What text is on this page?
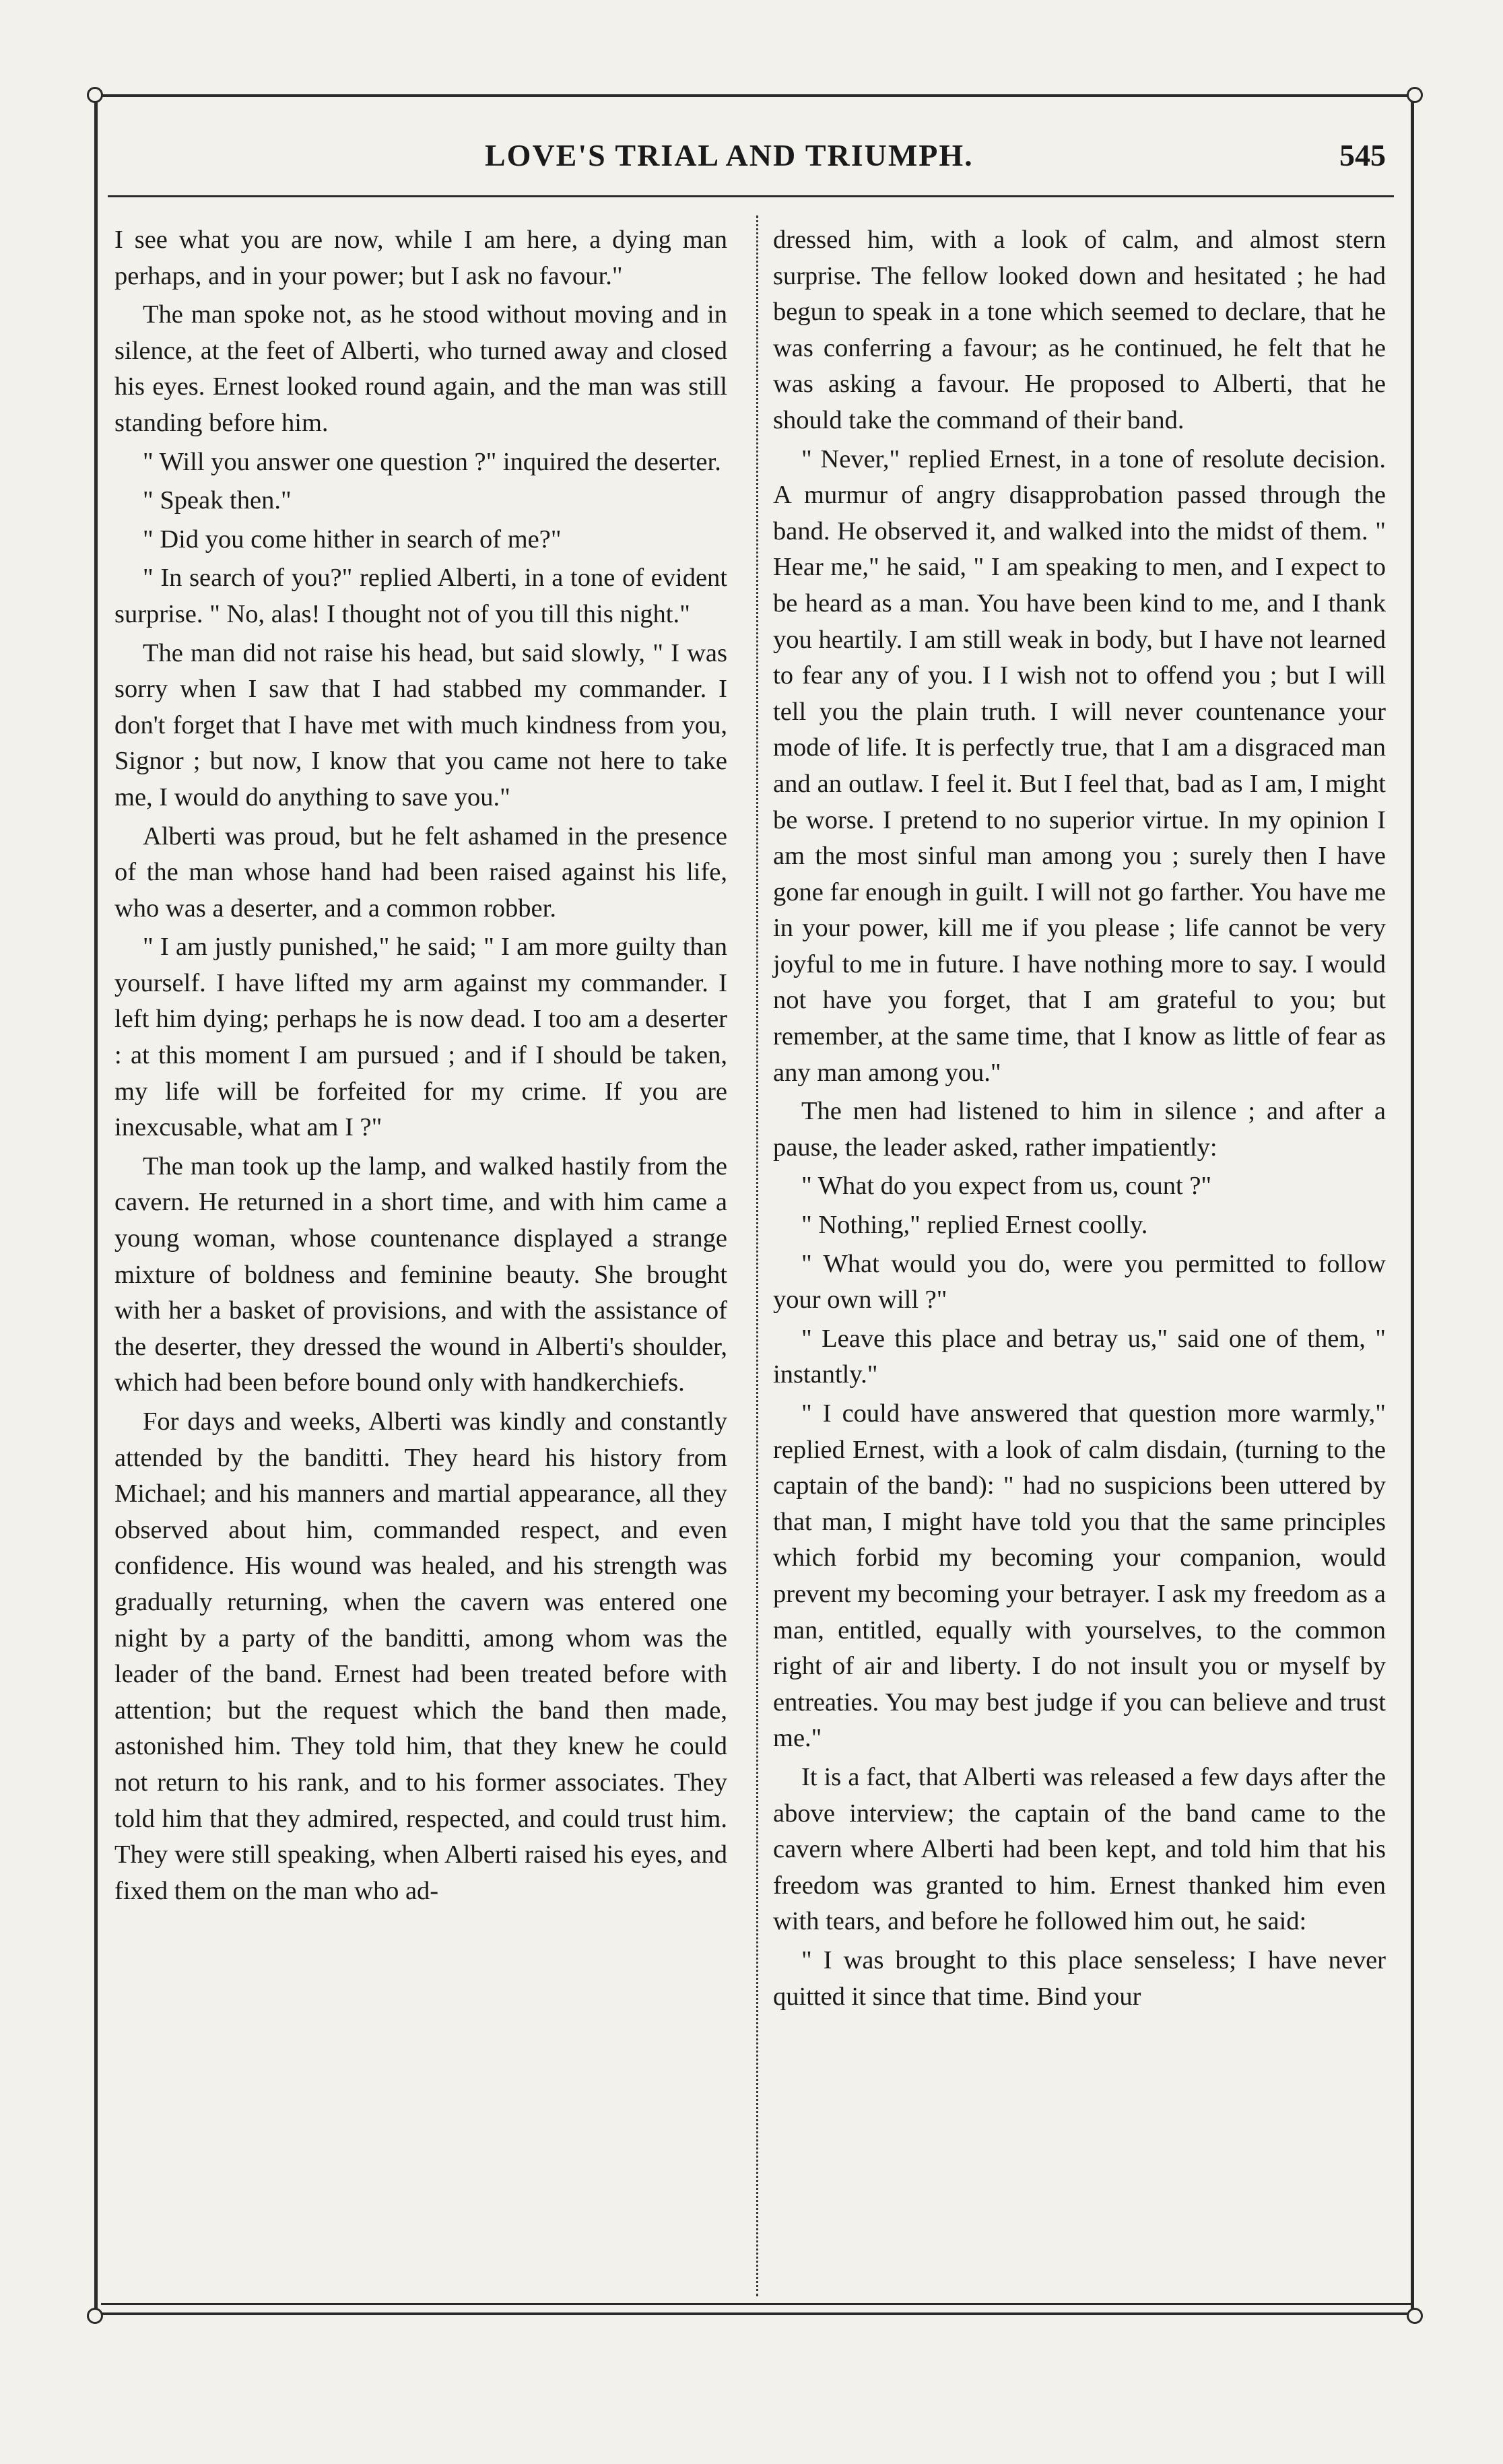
LOVE'S TRIAL AND TRIUMPH.	545

I see what you are now, while I am here, a dying man perhaps, and in your power; but I ask no favour."

The man spoke not, as he stood without moving and in silence, at the feet of Alberti, who turned away and closed his eyes. Ernest looked round again, and the man was still standing before him.

" Will you answer one question ?" inquired the deserter.

" Speak then."

" Did you come hither in search of me?"

" In search of you?" replied Alberti, in a tone of evident surprise. " No, alas! I thought not of you till this night."

The man did not raise his head, but said slowly, " I was sorry when I saw that I had stabbed my commander. I don't forget that I have met with much kindness from you, Signor ; but now, I know that you came not here to take me, I would do anything to save you."

Alberti was proud, but he felt ashamed in the presence of the man whose hand had been raised against his life, who was a deserter, and a common robber.

" I am justly punished," he said; " I am more guilty than yourself. I have lifted my arm against my commander. I left him dying; perhaps he is now dead. I too am a deserter : at this moment I am pursued ; and if I should be taken, my life will be forfeited for my crime. If you are inexcusable, what am I ?"

The man took up the lamp, and walked hastily from the cavern. He returned in a short time, and with him came a young woman, whose countenance displayed a strange mixture of boldness and feminine beauty. She brought with her a basket of provisions, and with the assistance of the deserter, they dressed the wound in Alberti's shoulder, which had been before bound only with handkerchiefs.

For days and weeks, Alberti was kindly and constantly attended by the banditti. They heard his history from Michael; and his manners and martial appearance, all they observed about him, commanded respect, and even confidence. His wound was healed, and his strength was gradually returning, when the cavern was entered one night by a party of the banditti, among whom was the leader of the band. Ernest had been treated before with attention; but the request which the band then made, astonished him. They told him, that they knew he could not return to his rank, and to his former associates. They told him that they admired, respected, and could trust him. They were still speaking, when Alberti raised his eyes, and fixed them on the man who ad-

dressed him, with a look of calm, and almost stern surprise. The fellow looked down and hesitated ; he had begun to speak in a tone which seemed to declare, that he was conferring a favour; as he continued, he felt that he was asking a favour. He proposed to Alberti, that he should take the command of their band.

" Never," replied Ernest, in a tone of resolute decision. A murmur of angry disapprobation passed through the band. He observed it, and walked into the midst of them. " Hear me," he said, " I am speaking to men, and I expect to be heard as a man. You have been kind to me, and I thank you heartily. I am still weak in body, but I have not learned to fear any of you. I I wish not to offend you ; but I will tell you the plain truth. I will never countenance your mode of life. It is perfectly true, that I am a disgraced man and an outlaw. I feel it. But I feel that, bad as I am, I might be worse. I pretend to no superior virtue. In my opinion I am the most sinful man among you ; surely then I have gone far enough in guilt. I will not go farther. You have me in your power, kill me if you please ; life cannot be very joyful to me in future. I have nothing more to say. I would not have you forget, that I am grateful to you; but remember, at the same time, that I know as little of fear as any man among you."

The men had listened to him in silence ; and after a pause, the leader asked, rather impatiently:

" What do you expect from us, count ?"

" Nothing," replied Ernest coolly.

" What would you do, were you permitted to follow your own will ?"

" Leave this place and betray us," said one of them, " instantly."

" I could have answered that question more warmly," replied Ernest, with a look of calm disdain, (turning to the captain of the band): " had no suspicions been uttered by that man, I might have told you that the same principles which forbid my becoming your companion, would prevent my becoming your betrayer. I ask my freedom as a man, entitled, equally with yourselves, to the common right of air and liberty. I do not insult you or myself by entreaties. You may best judge if you can believe and trust me."

It is a fact, that Alberti was released a few days after the above interview; the captain of the band came to the cavern where Alberti had been kept, and told him that his freedom was granted to him. Ernest thanked him even with tears, and before he followed him out, he said:

" I was brought to this place senseless; I have never quitted it since that time. Bind your
